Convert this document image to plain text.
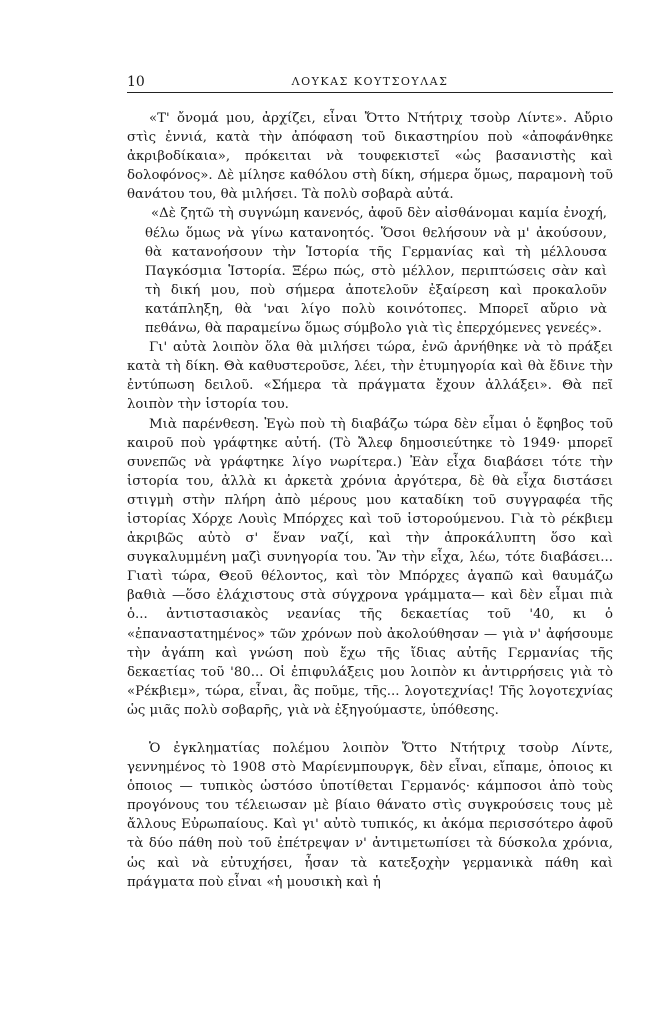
10	ΛΟΥΚΑΣ ΚΟΥΤΣΟΥΛΑΣ

«Τ' ὄνομά μου, ἀρχίζει, εἶναι Ὄττο Ντήτριχ τσοὺρ Λίντε». Αὔριο στὶς ἐννιά, κατὰ τὴν ἀπόφαση τοῦ δικαστηρίου ποὺ «ἀποφάνθηκε ἀκριβοδίκαια», πρόκειται νὰ τουφεκιστεῖ «ὡς βασανιστὴς καὶ δολοφόνος». Δὲ μίλησε καθόλου στὴ δίκη, σήμερα ὅμως, παραμονὴ τοῦ θανάτου του, θὰ μιλήσει. Τὰ πολὺ σοβαρὰ αὐτά.

«Δὲ ζητῶ τὴ συγνώμη κανενός, ἀφοῦ δὲν αἰσθάνομαι καμία ἐνοχή, θέλω ὅμως νὰ γίνω κατανοητός. Ὅσοι θελήσουν νὰ μ' ἀκούσουν, θὰ κατανοήσουν τὴν Ἱστορία τῆς Γερμανίας καὶ τὴ μέλλουσα Παγκόσμια Ἱστορία. Ξέρω πώς, στὸ μέλλον, περιπτώσεις σὰν καὶ τὴ δική μου, ποὺ σήμερα ἀποτελοῦν ἐξαίρεση καὶ προκαλοῦν κατάπληξη, θὰ 'ναι λίγο πολὺ κοινότοπες. Μπορεῖ αὔριο νὰ πεθάνω, θὰ παραμείνω ὅμως σύμβολο γιὰ τὶς ἐπερχόμενες γενεές».

Γι' αὐτὰ λοιπὸν ὅλα θὰ μιλήσει τώρα, ἐνῶ ἀρνήθηκε νὰ τὸ πράξει κατὰ τὴ δίκη. Θὰ καθυστεροῦσε, λέει, τὴν ἐτυμηγορία καὶ θὰ ἔδινε τὴν ἐντύπωση δειλοῦ. «Σήμερα τὰ πράγματα ἔχουν ἀλλάξει». Θὰ πεῖ λοιπὸν τὴν ἱστορία του.

Μιὰ παρένθεση. Ἐγὼ ποὺ τὴ διαβάζω τώρα δὲν εἶμαι ὁ ἔφηβος τοῦ καιροῦ ποὺ γράφτηκε αὐτή. (Τὸ Ἄλεφ δημοσιεύτηκε τὸ 1949· μπορεῖ συνεπῶς νὰ γράφτηκε λίγο νωρίτερα.) Ἐὰν εἶχα διαβάσει τότε τὴν ἱστορία του, ἀλλὰ κι ἀρκετὰ χρόνια ἀργότερα, δὲ θὰ εἶχα διστάσει στιγμὴ στὴν πλήρη ἀπὸ μέρους μου καταδίκη τοῦ συγγραφέα τῆς ἱστορίας Χόρχε Λουὶς Μπόρχες καὶ τοῦ ἱστορούμενου. Γιὰ τὸ ρέκβιεμ ἀκριβῶς αὐτὸ σ' ἕναν ναζί, καὶ τὴν ἀπροκάλυπτη ὅσο καὶ συγκαλυμμένη μαζὶ συνηγορία του. Ἂν τὴν εἶχα, λέω, τότε διαβάσει... Γιατὶ τώρα, Θεοῦ θέλοντος, καὶ τὸν Μπόρχες ἀγαπῶ καὶ θαυμάζω βαθιὰ —ὅσο ἐλάχιστους στὰ σύγχρονα γράμματα— καὶ δὲν εἶμαι πιὰ ὁ... ἀντιστασιακὸς νεανίας τῆς δεκαετίας τοῦ '40, κι ὁ «ἐπαναστατημένος» τῶν χρόνων ποὺ ἀκολούθησαν — γιὰ ν' ἀφήσουμε τὴν ἀγάπη καὶ γνώση ποὺ ἔχω τῆς ἴδιας αὐτῆς Γερμανίας τῆς δεκαετίας τοῦ '80... Οἱ ἐπιφυλάξεις μου λοιπὸν κι ἀντιρρήσεις γιὰ τὸ «Ρέκβιεμ», τώρα, εἶναι, ἂς ποῦμε, τῆς... λογοτεχνίας! Τῆς λογοτεχνίας ὡς μιᾶς πολὺ σοβαρῆς, γιὰ νὰ ἐξηγούμαστε, ὑπόθεσης.

Ὁ ἐγκληματίας πολέμου λοιπὸν Ὄττο Ντήτριχ τσοὺρ Λίντε, γεννημένος τὸ 1908 στὸ Μαρίενμπουργκ, δὲν εἶναι, εἴπαμε, ὁποιος κι ὁποιος — τυπικὸς ὡστόσο ὑποτίθεται Γερμανός· κάμποσοι ἀπὸ τοὺς προγόνους του τέλειωσαν μὲ βίαιο θάνατο στὶς συγκρούσεις τους μὲ ἄλλους Εὐρωπαίους. Καὶ γι' αὐτὸ τυπικός, κι ἀκόμα περισσότερο ἀφοῦ τὰ δύο πάθη ποὺ τοῦ ἐπέτρεψαν ν' ἀντιμετωπίσει τὰ δύσκολα χρόνια, ὡς καὶ νὰ εὐτυχήσει, ἦσαν τὰ κατεξοχὴν γερμανικὰ πάθη καὶ πράγματα ποὺ εἶναι «ἡ μουσικὴ καὶ ἡ
